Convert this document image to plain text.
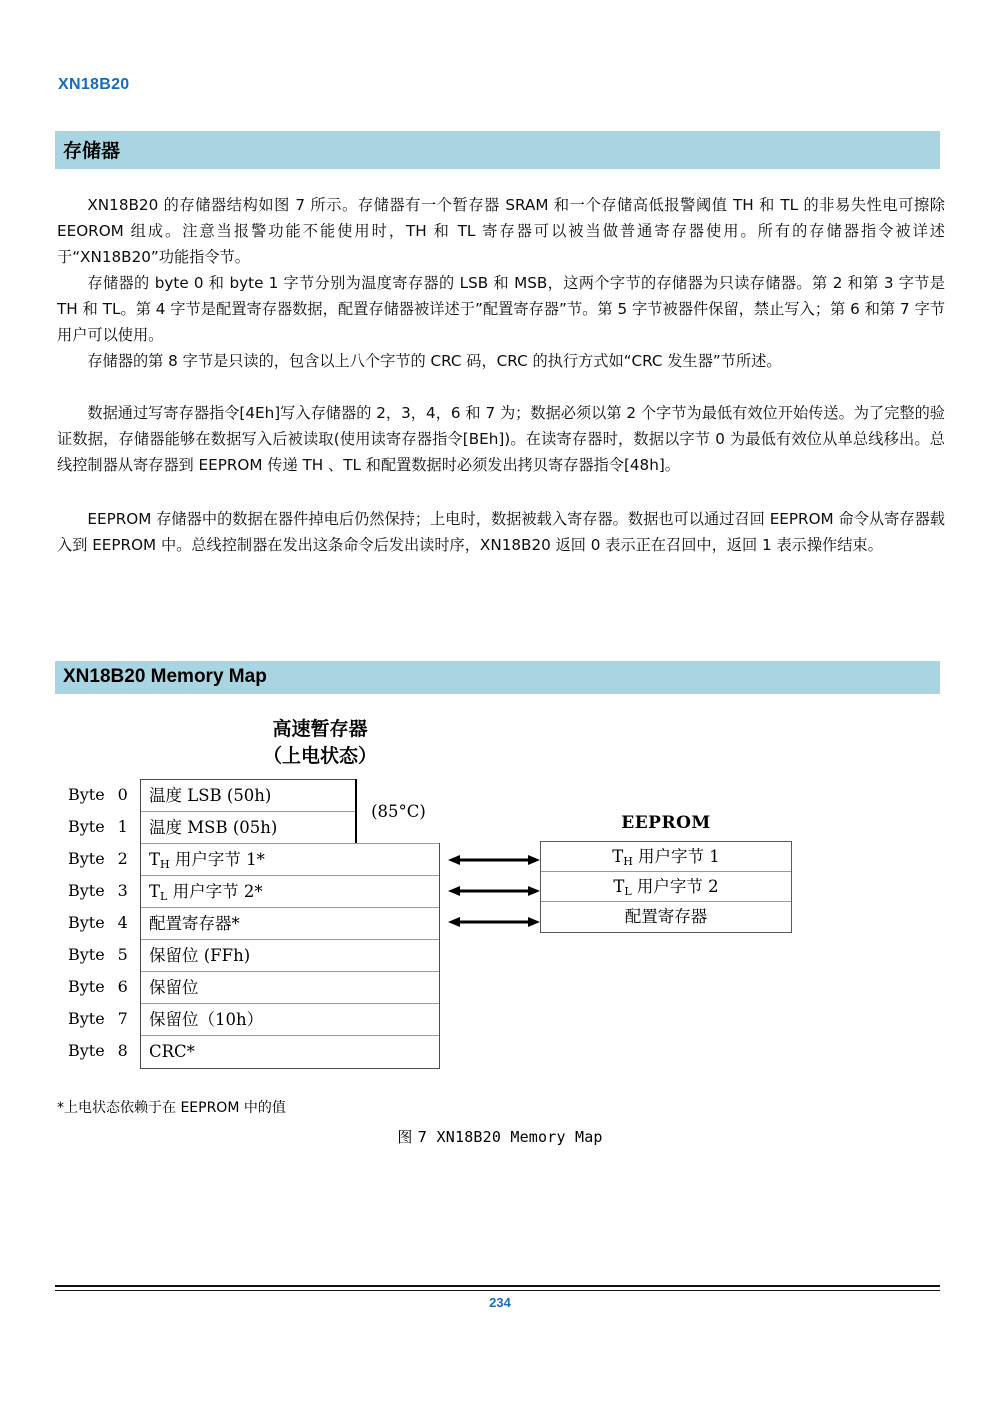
XN18B20
存储器

XN18B20 的存储器结构如图 7 所示。存储器有一个暂存器 SRAM 和一个存储高低报警阈值 TH 和 TL 的非易失性电可擦除 EEOROM 组成。注意当报警功能不能使用时，TH 和 TL 寄存器可以被当做普通寄存器使用。所有的存储器指令被详述于“XN18B20”功能指令节。

存储器的 byte 0 和 byte 1 字节分别为温度寄存器的 LSB 和 MSB，这两个字节的存储器为只读存储器。第 2 和第 3 字节是 TH 和 TL。第 4 字节是配置寄存器数据，配置存储器被详述于”配置寄存器”节。第 5 字节被器件保留，禁止写入；第 6 和第 7 字节用户可以使用。

存储器的第 8 字节是只读的，包含以上八个字节的 CRC 码，CRC 的执行方式如“CRC 发生器”节所述。

数据通过写寄存器指令[4Eh]写入存储器的 2，3，4，6 和 7 为；数据必须以第 2 个字节为最低有效位开始传送。为了完整的验证数据，存储器能够在数据写入后被读取(使用读寄存器指令[BEh])。在读寄存器时，数据以字节 0 为最低有效位从单总线移出。总线控制器从寄存器到 EEPROM 传递 TH 、TL 和配置数据时必须发出拷贝寄存器指令[48h]。

EEPROM 存储器中的数据在器件掉电后仍然保持；上电时，数据被载入寄存器。数据也可以通过召回 EEPROM 命令从寄存器载入到 EEPROM 中。总线控制器在发出这条命令后发出读时序，XN18B20 返回 0 表示正在召回中，返回 1 表示操作结束。

XN18B20 Memory Map
高速暂存器
（上电状态）
Byte 0
Byte 1
Byte 2
Byte 3
Byte 4
Byte 5
Byte 6
Byte 7
Byte 8
温度 LSB (50h)
温度 MSB (05h)
$T_H$ 用户字节 1*
$T_L$ 用户字节 2*
配置寄存器*
保留位 (FFh)
保留位
保留位（10h）
CRC*
(85°C)
EEPROM
$T_H$ 用户字节 1
$T_L$ 用户字节 2
配置寄存器
*上电状态依赖于在 EEPROM 中的值
图 7 XN18B20 Memory Map
234
